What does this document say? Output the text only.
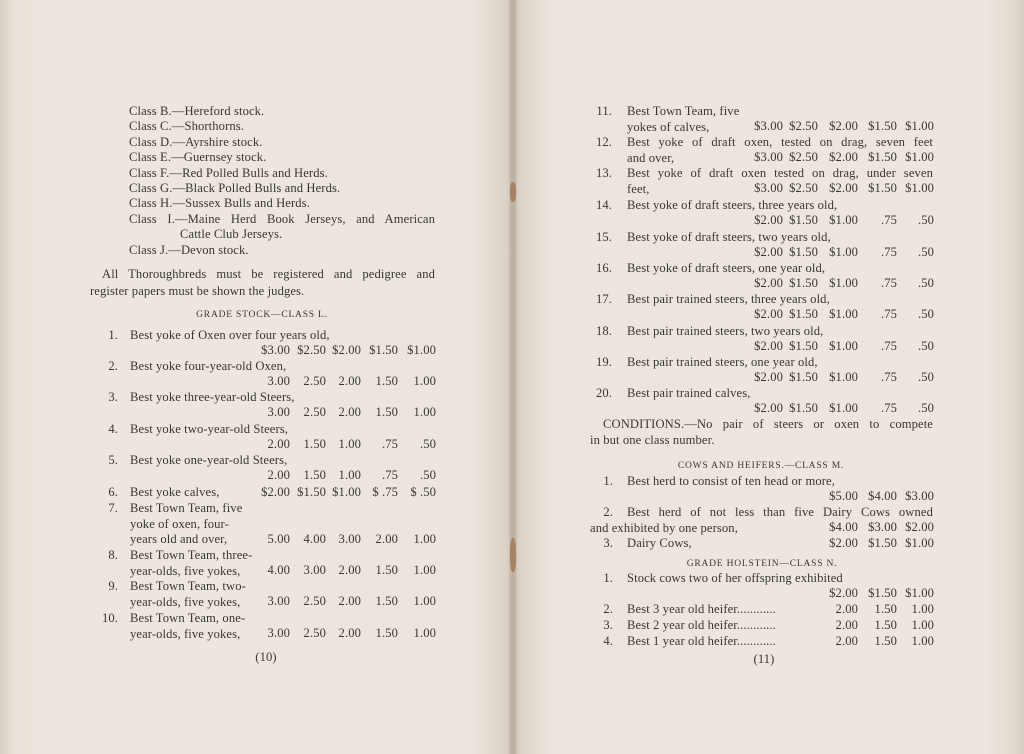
Class B.—Hereford stock.
Class C.—Shorthorns.
Class D.—Ayrshire stock.
Class E.—Guernsey stock.
Class F.—Red Polled Bulls and Herds.
Class G.—Black Polled Bulls and Herds.
Class H.—Sussex Bulls and Herds.
Class I.—Maine Herd Book Jerseys, and American
Cattle Club Jerseys.
Class J.—Devon stock.
All Thoroughbreds must be registered and pedigree and
register papers must be shown the judges.
GRADE STOCK—CLASS L.
1. Best yoke of Oxen over four years old,
$3.00 $2.50 $2.00 $1.50 $1.00
2. Best yoke four-year-old Oxen,
3.00 2.50 2.00 1.50 1.00
3. Best yoke three-year-old Steers,
3.00 2.50 2.00 1.50 1.00
4. Best yoke two-year-old Steers,
2.00 1.50 1.00 .75 .50
5. Best yoke one-year-old Steers,
2.00 1.50 1.00 .75 .50
6. Best yoke calves,	$2.00 $1.50 $1.00 $ .75 $ .50
7. Best Town Team, five
yoke of oxen, four-
years old and over,	5.00 4.00 3.00 2.00 1.00
8. Best Town Team, three-
year-olds, five yokes, 4.00 3.00 2.00 1.50 1.00
9. Best Town Team, two-
year-olds, five yokes, 3.00 2.50 2.00 1.50 1.00
10. Best Town Team, one-
year-olds, five yokes, 3.00 2.50 2.00 1.50 1.00
(10)
11. Best Town Team, five
yokes of calves,	$3.00 $2.50 $2.00 $1.50 $1.00
12. Best yoke of draft oxen, tested on drag, seven feet
and over,	$3.00 $2.50 $2.00 $1.50 $1.00
13. Best yoke of draft oxen tested on drag, under seven
feet,	$3.00 $2.50 $2.00 $1.50 $1.00
14. Best yoke of draft steers, three years old,
$2.00 $1.50 $1.00 .75 .50
15. Best yoke of draft steers, two years old,
$2.00 $1.50 $1.00 .75 .50
16. Best yoke of draft steers, one year old,
$2.00 $1.50 $1.00 .75 .50
17. Best pair trained steers, three years old,
$2.00 $1.50 $1.00 .75 .50
18. Best pair trained steers, two years old,
$2.00 $1.50 $1.00 .75 .50
19. Best pair trained steers, one year old,
$2.00 $1.50 $1.00 .75 .50
20. Best pair trained calves,
$2.00 $1.50 $1.00 .75 .50
CONDITIONS.—No pair of steers or oxen to compete
in but one class number.
COWS AND HEIFERS.—CLASS M.
1. Best herd to consist of ten head or more,
$5.00 $4.00 $3.00
2. Best herd of not less than five Dairy Cows owned
and exhibited by one person,	$4.00 $3.00 $2.00
3. Dairy Cows,	$2.00 $1.50 $1.00
GRADE HOLSTEIN—CLASS N.
1. Stock cows two of her offspring exhibited
$2.00 $1.50 $1.00
2. Best 3 year old heifer............	2.00 1.50 1.00
3. Best 2 year old heifer............	2.00 1.50 1.00
4. Best 1 year old heifer............	2.00 1.50 1.00
(11)
